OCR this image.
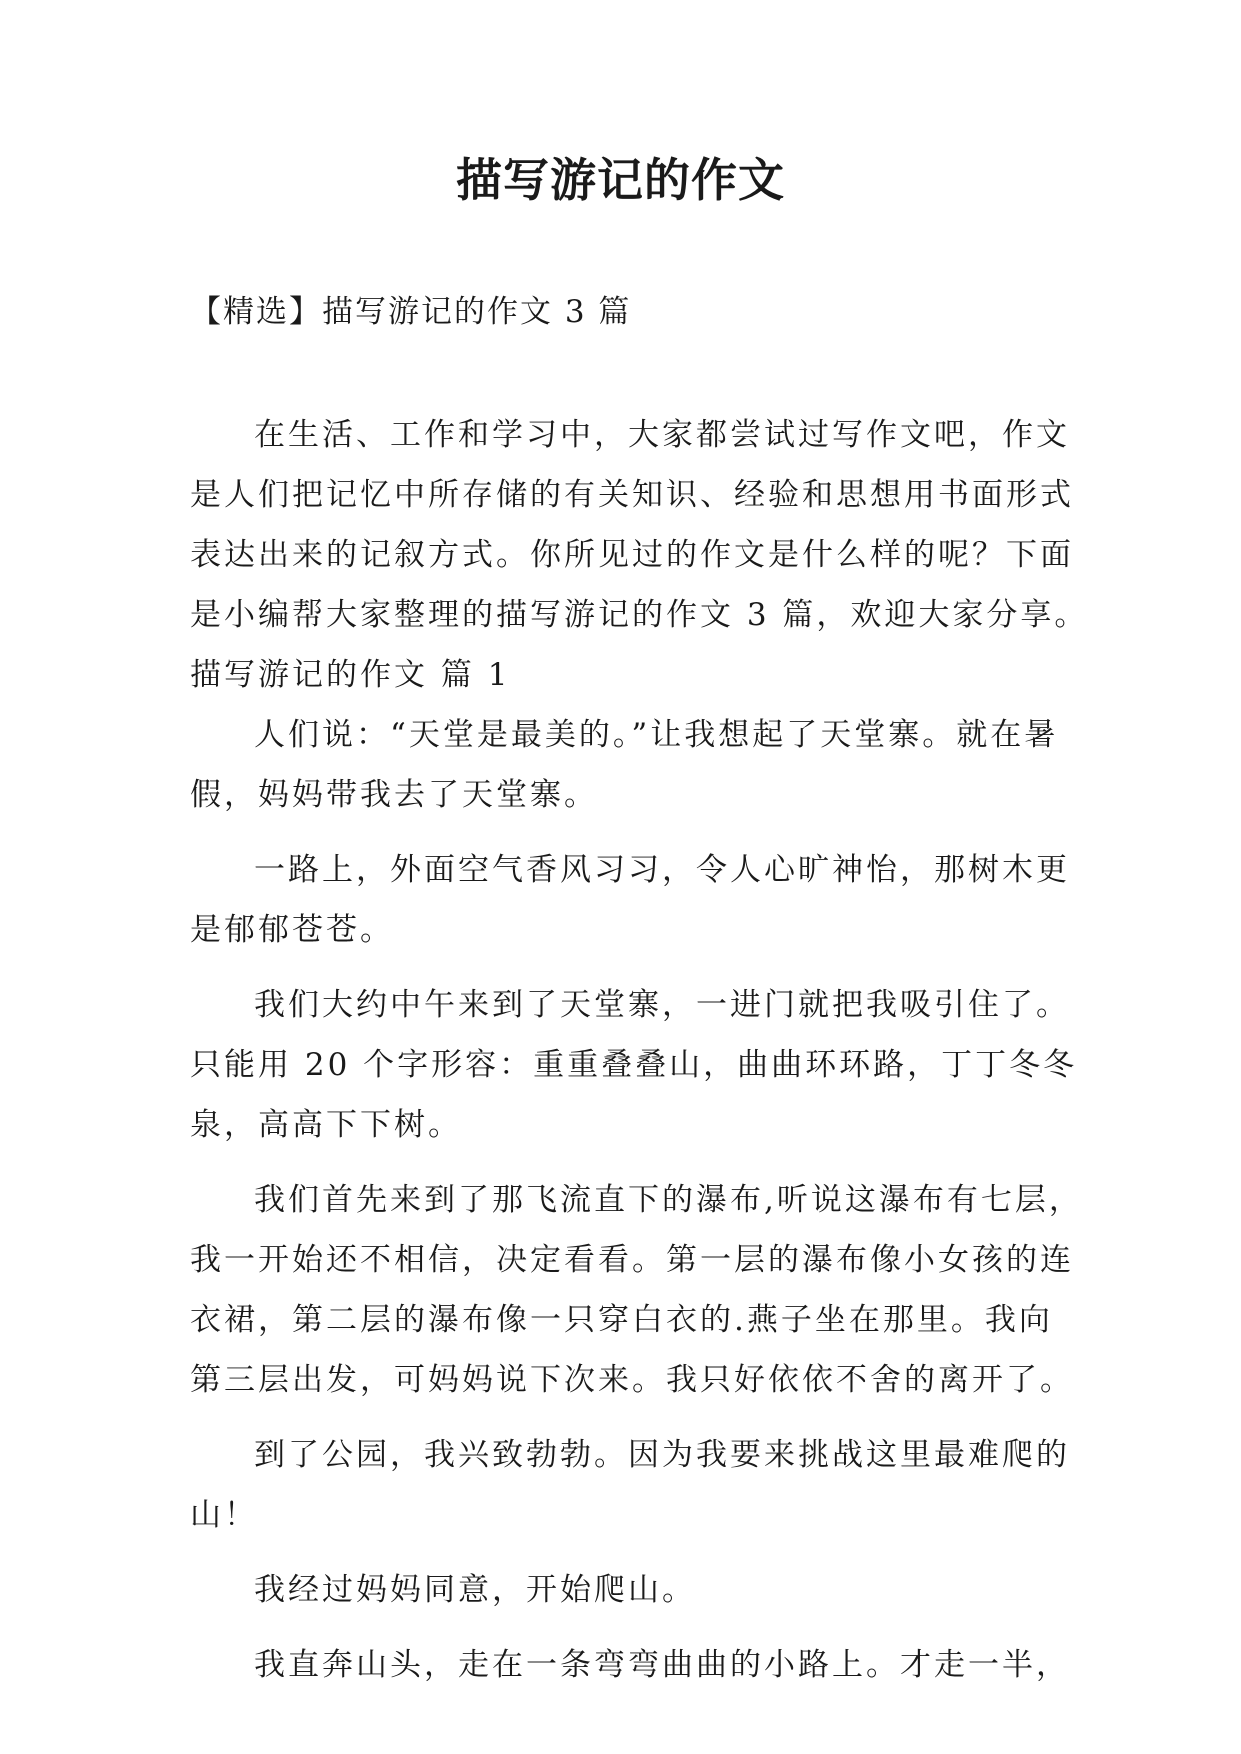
描写游记的作文

【精选】描写游记的作文 3 篇

在生活、工作和学习中，大家都尝试过写作文吧，作文
是人们把记忆中所存储的有关知识、经验和思想用书面形式
表达出来的记叙方式。你所见过的作文是什么样的呢？下面
是小编帮大家整理的描写游记的作文 3 篇，欢迎大家分享。
描写游记的作文 篇 1
人们说：“天堂是最美的。”让我想起了天堂寨。就在暑
假，妈妈带我去了天堂寨。
一路上，外面空气香风习习，令人心旷神怡，那树木更
是郁郁苍苍。
我们大约中午来到了天堂寨，一进门就把我吸引住了。
只能用 20 个字形容：重重叠叠山，曲曲环环路，丁丁冬冬
泉，高高下下树。
我们首先来到了那飞流直下的瀑布,听说这瀑布有七层，
我一开始还不相信，决定看看。第一层的瀑布像小女孩的连
衣裙，第二层的瀑布像一只穿白衣的.燕子坐在那里。我向
第三层出发，可妈妈说下次来。我只好依依不舍的离开了。
到了公园，我兴致勃勃。因为我要来挑战这里最难爬的
山！
我经过妈妈同意，开始爬山。
我直奔山头，走在一条弯弯曲曲的小路上。才走一半，
